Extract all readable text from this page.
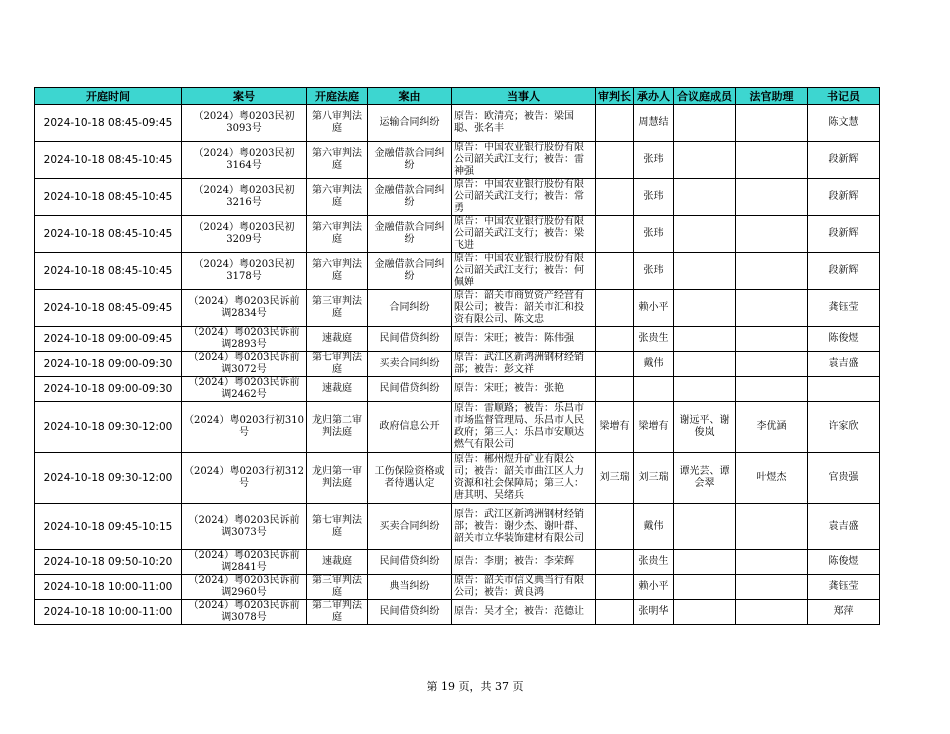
开庭时间	案号	开庭法庭	案由	当事人	审判长	承办人	合议庭成员	法官助理	书记员
2024-10-18 08:45-09:45	（2024）粤0203民初3093号	第八审判法庭	运输合同纠纷	原告：欧清亮；被告：梁国聪、张名丰		周慧结			陈文慧
2024-10-18 08:45-10:45	（2024）粤0203民初3164号	第六审判法庭	金融借款合同纠纷	原告：中国农业银行股份有限公司韶关武江支行；被告：雷神强		张玮			段新辉
2024-10-18 08:45-10:45	（2024）粤0203民初3216号	第六审判法庭	金融借款合同纠纷	原告：中国农业银行股份有限公司韶关武江支行；被告：常勇		张玮			段新辉
2024-10-18 08:45-10:45	（2024）粤0203民初3209号	第六审判法庭	金融借款合同纠纷	原告：中国农业银行股份有限公司韶关武江支行；被告：梁飞进		张玮			段新辉
2024-10-18 08:45-10:45	（2024）粤0203民初3178号	第六审判法庭	金融借款合同纠纷	原告：中国农业银行股份有限公司韶关武江支行；被告：何佩婵		张玮			段新辉
2024-10-18 08:45-09:45	（2024）粤0203民诉前调2834号	第三审判法庭	合同纠纷	原告：韶关市商贸资产经营有限公司；被告：韶关市汇和投资有限公司、陈文忠		赖小平			龚钰莹
2024-10-18 09:00-09:45	（2024）粤0203民诉前调2893号	速裁庭	民间借贷纠纷	原告：宋旺；被告：陈伟强		张贵生			陈俊煜
2024-10-18 09:00-09:30	（2024）粤0203民诉前调3072号	第七审判法庭	买卖合同纠纷	原告：武江区新鸿洲钢材经销部；被告：彭文祥		戴伟			袁吉盛
2024-10-18 09:00-09:30	（2024）粤0203民诉前调2462号	速裁庭	民间借贷纠纷	原告：宋旺；被告：张艳					
2024-10-18 09:30-12:00	（2024）粤0203行初310号	龙归第二审判法庭	政府信息公开	原告：雷顺路；被告：乐昌市市场监督管理局、乐昌市人民政府；第三人：乐昌市安顺达燃气有限公司	梁增有	梁增有	谢远平、谢俊岚	李优涵	许家欣
2024-10-18 09:30-12:00	（2024）粤0203行初312号	龙归第一审判法庭	工伤保险资格或者待遇认定	原告：郴州煜升矿业有限公司；被告：韶关市曲江区人力资源和社会保障局；第三人：唐其明、吴绪兵	刘三瑞	刘三瑞	谭光芸、谭会翠	叶煜杰	官贵强
2024-10-18 09:45-10:15	（2024）粤0203民诉前调3073号	第七审判法庭	买卖合同纠纷	原告：武江区新鸿洲钢材经销部；被告：谢少杰、谢叶群、韶关市立华装饰建材有限公司		戴伟			袁吉盛
2024-10-18 09:50-10:20	（2024）粤0203民诉前调2841号	速裁庭	民间借贷纠纷	原告：李朋；被告：李荣辉		张贵生			陈俊煜
2024-10-18 10:00-11:00	（2024）粤0203民诉前调2960号	第三审判法庭	典当纠纷	原告：韶关市信义典当行有限公司；被告：黄良鸿		赖小平			龚钰莹
2024-10-18 10:00-11:00	（2024）粤0203民诉前调3078号	第二审判法庭	民间借贷纠纷	原告：吴才全；被告：范德让		张明华			郑萍
第 19 页，共 37 页
